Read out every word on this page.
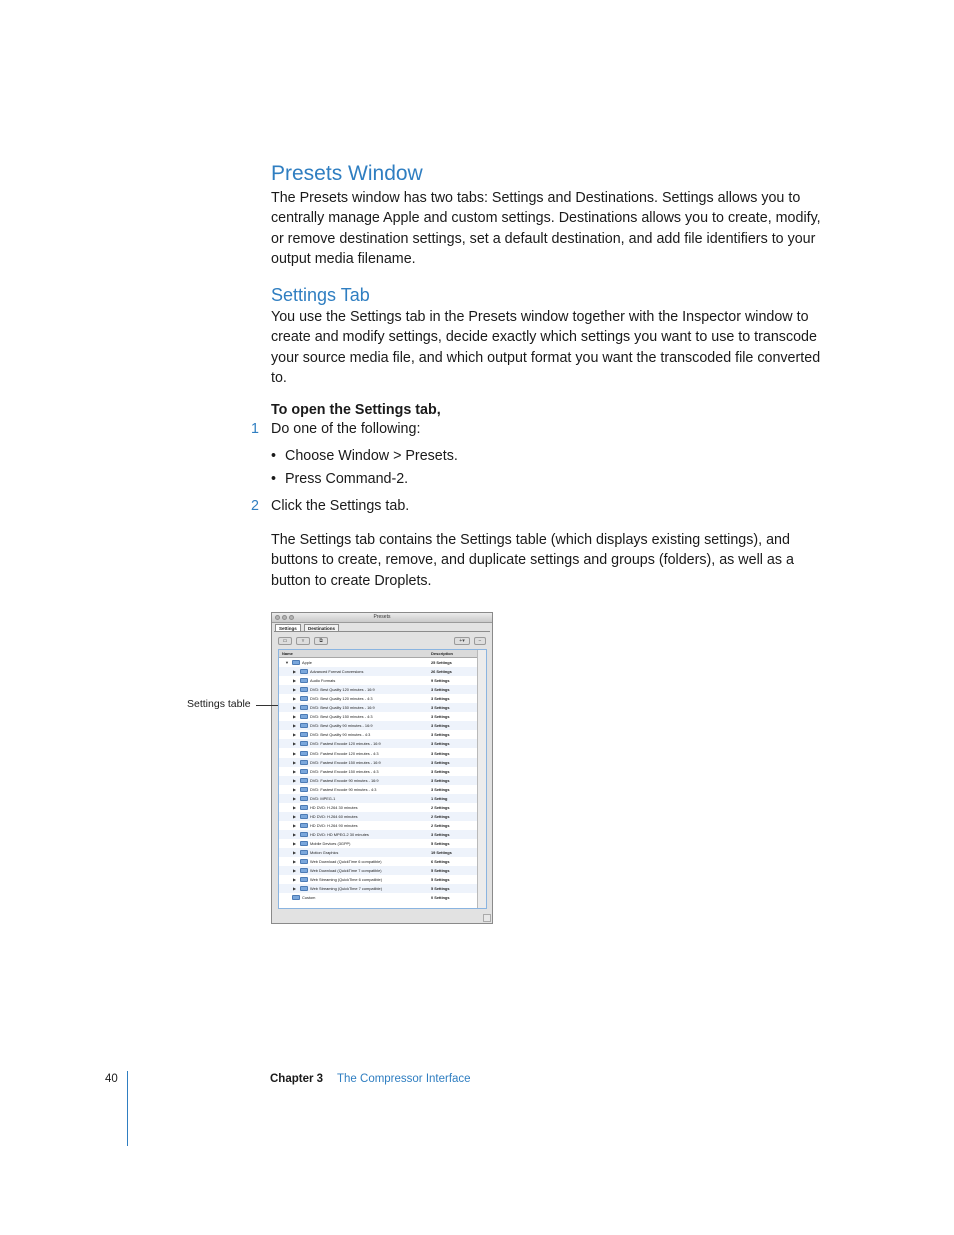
Presets Window
The Presets window has two tabs: Settings and Destinations. Settings allows you to centrally manage Apple and custom settings. Destinations allows you to create, modify, or remove destination settings, set a default destination, and add file identifiers to your output media filename.
Settings Tab
You use the Settings tab in the Presets window together with the Inspector window to create and modify settings, decide exactly which settings you want to use to transcode your source media file, and which output format you want the transcoded file converted to.
To open the Settings tab,
1 Do one of the following:
• Choose Window > Presets.
• Press Command-2.
2 Click the Settings tab.
The Settings tab contains the Settings table (which displays existing settings), and buttons to create, remove, and duplicate settings and groups (folders), as well as a button to create Droplets.
Presets
Settings	Destinations
▭	▿	⧉	+▾	−
Name	Description
▼	Apple	25 Settings
▶	Advanced Format Conversions	26 Settings
▶	Audio Formats	9 Settings
▶	DVD: Best Quality 120 minutes - 16:9	3 Settings
▶	DVD: Best Quality 120 minutes - 4:3	3 Settings
▶	DVD: Best Quality 150 minutes - 16:9	3 Settings
▶	DVD: Best Quality 150 minutes - 4:3	3 Settings
▶	DVD: Best Quality 90 minutes - 16:9	3 Settings
▶	DVD: Best Quality 90 minutes - 4:3	3 Settings
▶	DVD: Fastest Encode 120 minutes - 16:9	3 Settings
▶	DVD: Fastest Encode 120 minutes - 4:3	3 Settings
▶	DVD: Fastest Encode 150 minutes - 16:9	3 Settings
▶	DVD: Fastest Encode 150 minutes - 4:3	3 Settings
▶	DVD: Fastest Encode 90 minutes - 16:9	3 Settings
▶	DVD: Fastest Encode 90 minutes - 4:3	3 Settings
▶	DVD: MPEG-1	1 Setting
▶	HD DVD: H.264 30 minutes	2 Settings
▶	HD DVD: H.264 60 minutes	2 Settings
▶	HD DVD: H.264 90 minutes	2 Settings
▶	HD DVD: HD MPEG-2 30 minutes	3 Settings
▶	Mobile Devices (3GPP)	5 Settings
▶	Motion Graphics	19 Settings
▶	Web Download (QuickTime 6 compatible)	6 Settings
▶	Web Download (QuickTime 7 compatible)	5 Settings
▶	Web Streaming (QuickTime 6 compatible)	5 Settings
▶	Web Streaming (QuickTime 7 compatible)	5 Settings
Custom	0 Settings
Settings table
40	Chapter 3 The Compressor Interface
